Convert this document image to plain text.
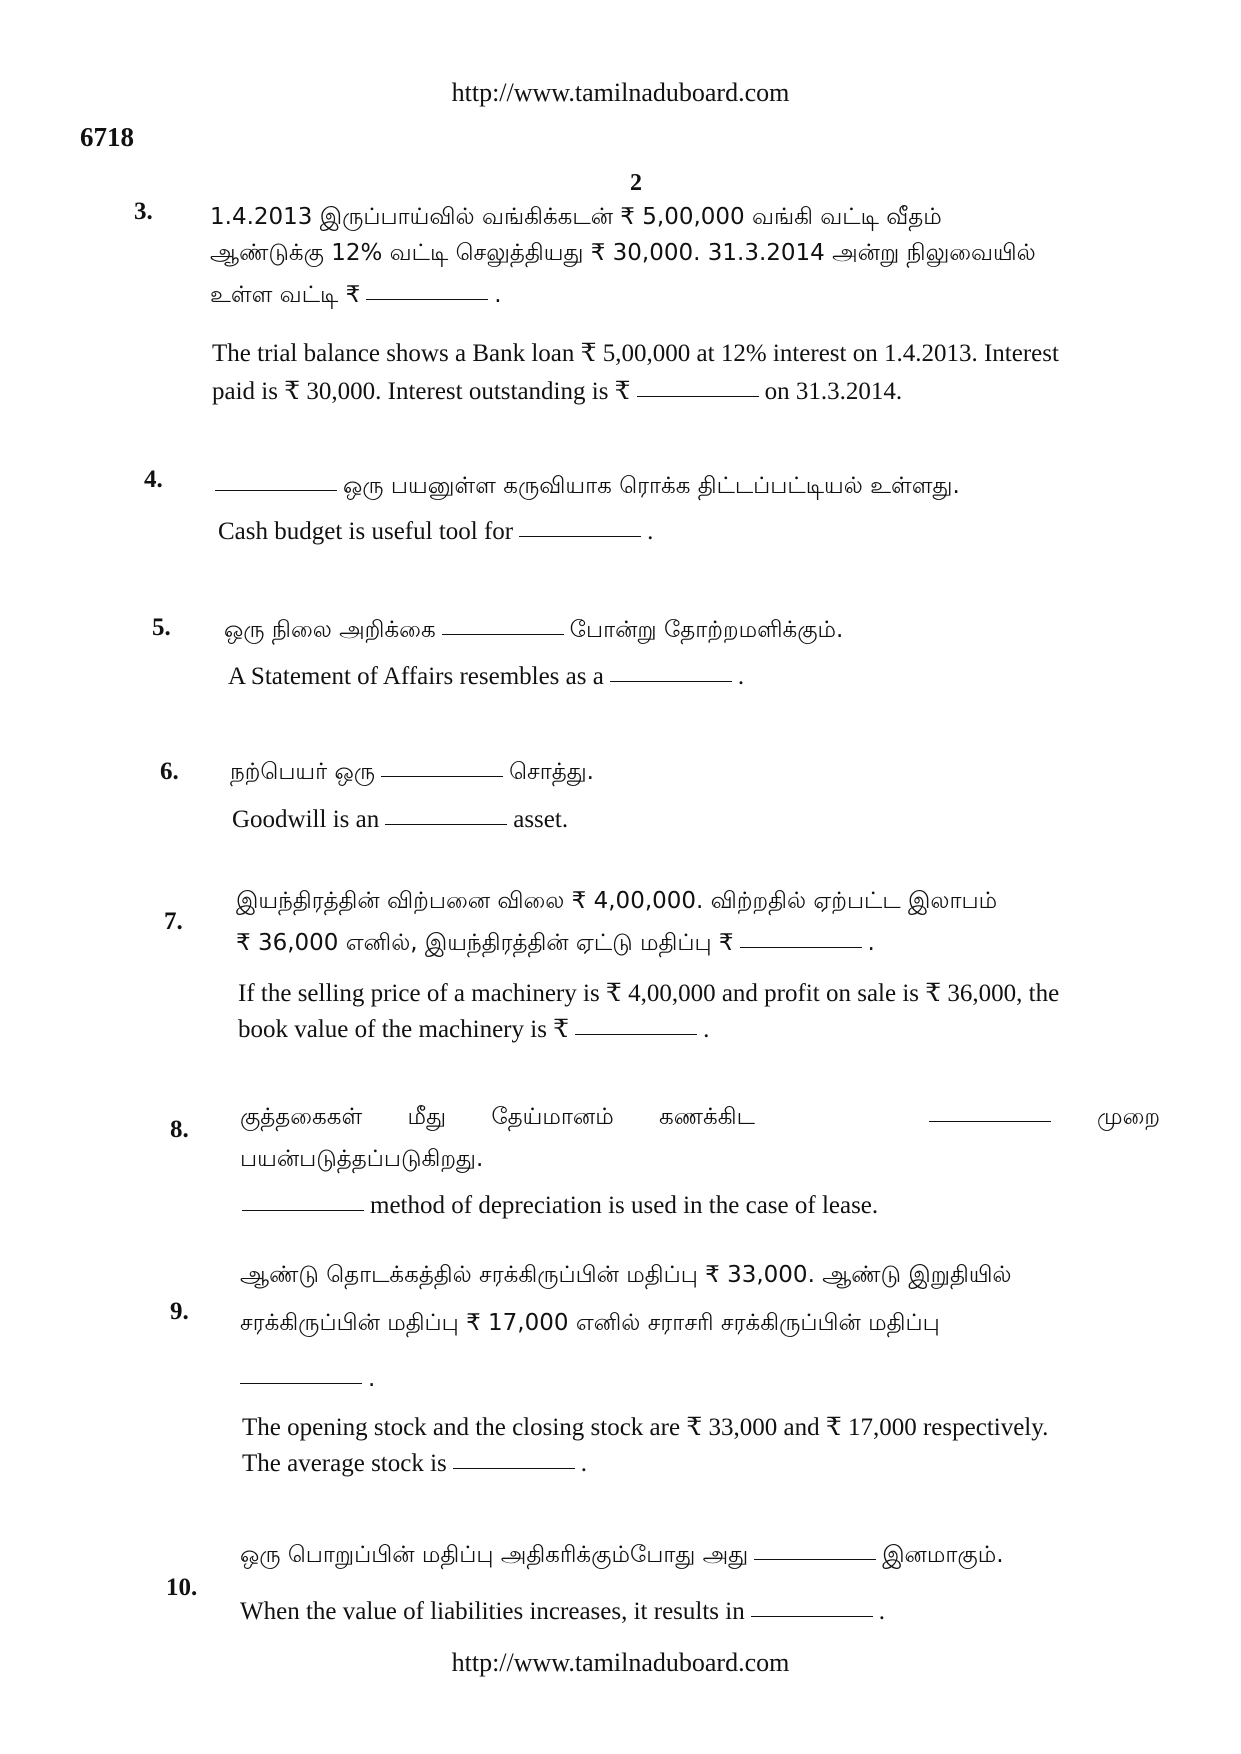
http://www.tamilnaduboard.com
6718
2
3. 1.4.2013 இருப்பாய்வில் வங்கிக்கடன் ₹ 5,00,000 வங்கி வட்டி வீதம்
ஆண்டுக்கு 12% வட்டி செலுத்தியது ₹ 30,000. 31.3.2014 அன்று நிலுவையில்
உள்ள வட்டி ₹	.
The trial balance shows a Bank loan ₹ 5,00,000 at 12% interest on 1.4.2013. Interest
paid is ₹ 30,000. Interest outstanding is ₹	on 31.3.2014.
4.	ஒரு பயனுள்ள கருவியாக ரொக்க திட்டப்பட்டியல் உள்ளது.
Cash budget is useful tool for	.
5. ஒரு நிலை அறிக்கை	போன்று தோற்றமளிக்கும்.
A Statement of Affairs resembles as a	.
6. நற்பெயர் ஒரு	சொத்து.
Goodwill is an	asset.
7.
இயந்திரத்தின் விற்பனை விலை ₹ 4,00,000. விற்றதில் ஏற்பட்ட இலாபம்
₹ 36,000 எனில், இயந்திரத்தின் ஏட்டு மதிப்பு ₹	.
If the selling price of a machinery is ₹ 4,00,000 and profit on sale is ₹ 36,000, the
book value of the machinery is ₹	.
8. குத்தகைகள் மீது தேய்மானம் கணக்கிட	முறை
பயன்படுத்தப்படுகிறது.
method of depreciation is used in the case of lease.
9.
ஆண்டு தொடக்கத்தில் சரக்கிருப்பின் மதிப்பு ₹ 33,000. ஆண்டு இறுதியில்
சரக்கிருப்பின் மதிப்பு ₹ 17,000 எனில் சராசரி சரக்கிருப்பின் மதிப்பு
.
The opening stock and the closing stock are ₹ 33,000 and ₹ 17,000 respectively.
The average stock is	.
10.
ஒரு பொறுப்பின் மதிப்பு அதிகரிக்கும்போது அது	இனமாகும்.
When the value of liabilities increases, it results in	.
http://www.tamilnaduboard.com
